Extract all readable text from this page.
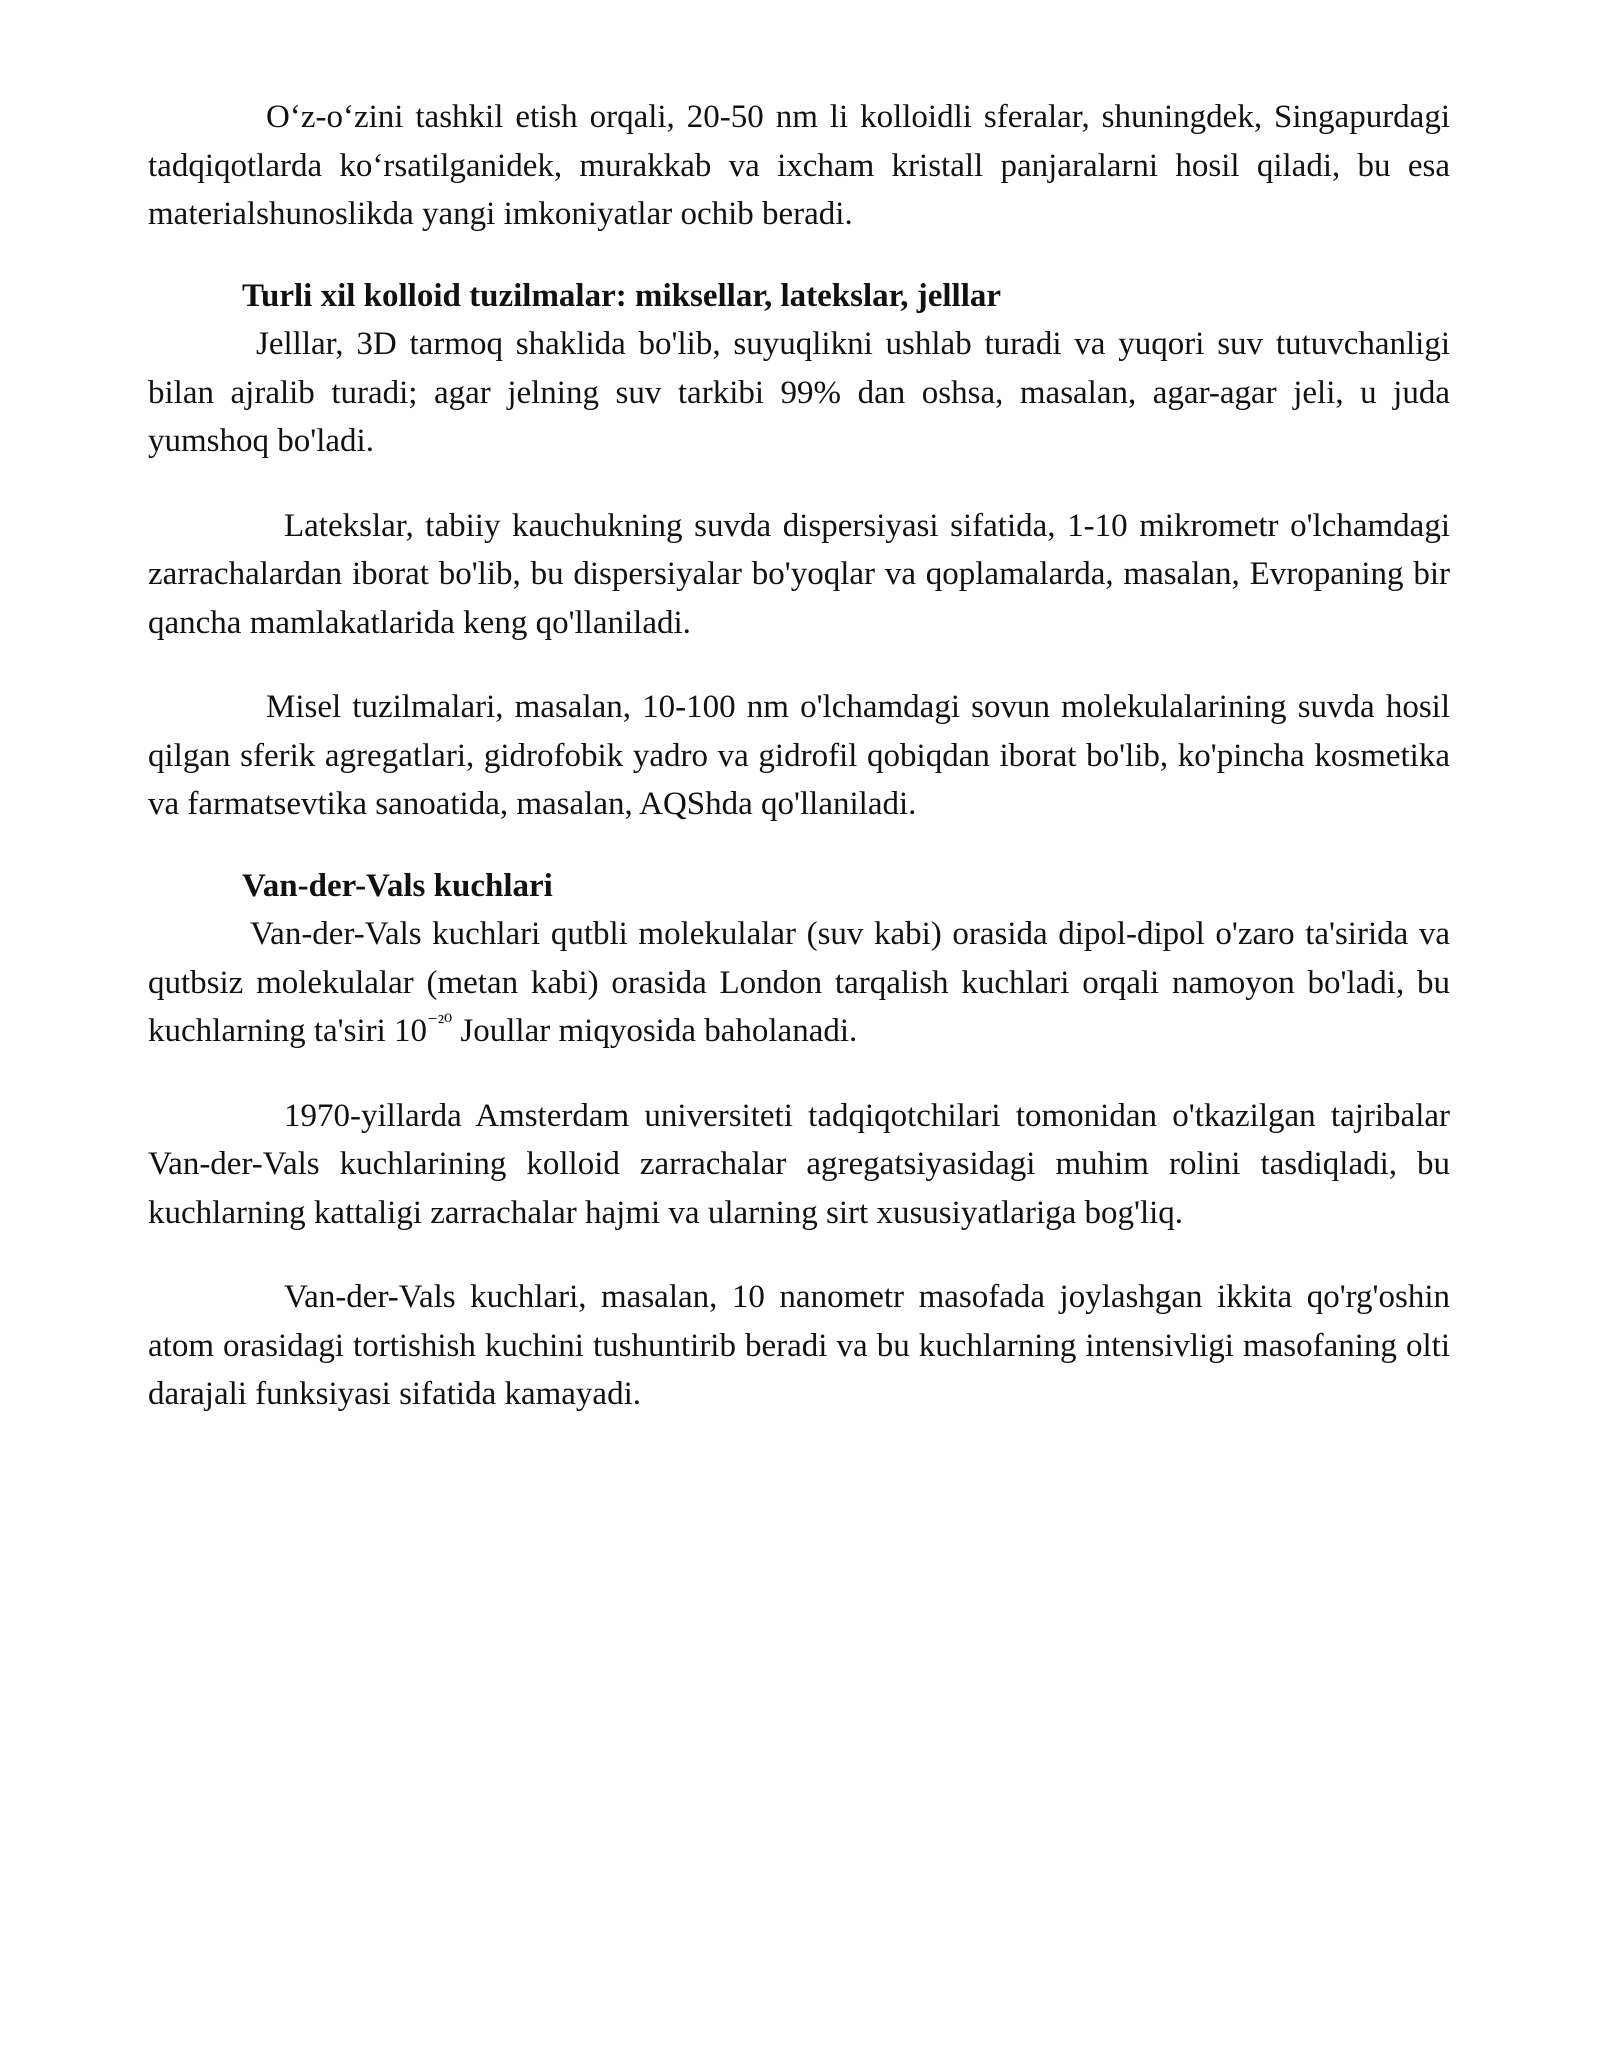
O‘z-o‘zini tashkil etish orqali, 20-50 nm li kolloidli sferalar, shuningdek, Singapurdagi tadqiqotlarda ko‘rsatilganidek, murakkab va ixcham kristall panjaralarni hosil qiladi, bu esa materialshunoslikda yangi imkoniyatlar ochib beradi.

Turli xil kolloid tuzilmalar: miksellar, latekslar, jelllar

Jelllar, 3D tarmoq shaklida bo'lib, suyuqlikni ushlab turadi va yuqori suv tutuvchanligi bilan ajralib turadi; agar jelning suv tarkibi 99% dan oshsa, masalan, agar-agar jeli, u juda yumshoq bo'ladi.

Latekslar, tabiiy kauchukning suvda dispersiyasi sifatida, 1-10 mikrometr o'lchamdagi zarrachalardan iborat bo'lib, bu dispersiyalar bo'yoqlar va qoplamalarda, masalan, Evropaning bir qancha mamlakatlarida keng qo'llaniladi.

Misel tuzilmalari, masalan, 10-100 nm o'lchamdagi sovun molekulalarining suvda hosil qilgan sferik agregatlari, gidrofobik yadro va gidrofil qobiqdan iborat bo'lib, ko'pincha kosmetika va farmatsevtika sanoatida, masalan, AQShda qo'llaniladi.

Van-der-Vals kuchlari

Van-der-Vals kuchlari qutbli molekulalar (suv kabi) orasida dipol-dipol o'zaro ta'sirida va qutbsiz molekulalar (metan kabi) orasida London tarqalish kuchlari orqali namoyon bo'ladi, bu kuchlarning ta'siri $10^{^{-20}}$ Joullar miqyosida baholanadi.

1970-yillarda Amsterdam universiteti tadqiqotchilari tomonidan o'tkazilgan tajribalar Van-der-Vals kuchlarining kolloid zarrachalar agregatsiyasidagi muhim rolini tasdiqladi, bu kuchlarning kattaligi zarrachalar hajmi va ularning sirt xususiyatlariga bog'liq.

Van-der-Vals kuchlari, masalan, 10 nanometr masofada joylashgan ikkita qo'rg'oshin atom orasidagi tortishish kuchini tushuntirib beradi va bu kuchlarning intensivligi masofaning olti darajali funksiyasi sifatida kamayadi.
